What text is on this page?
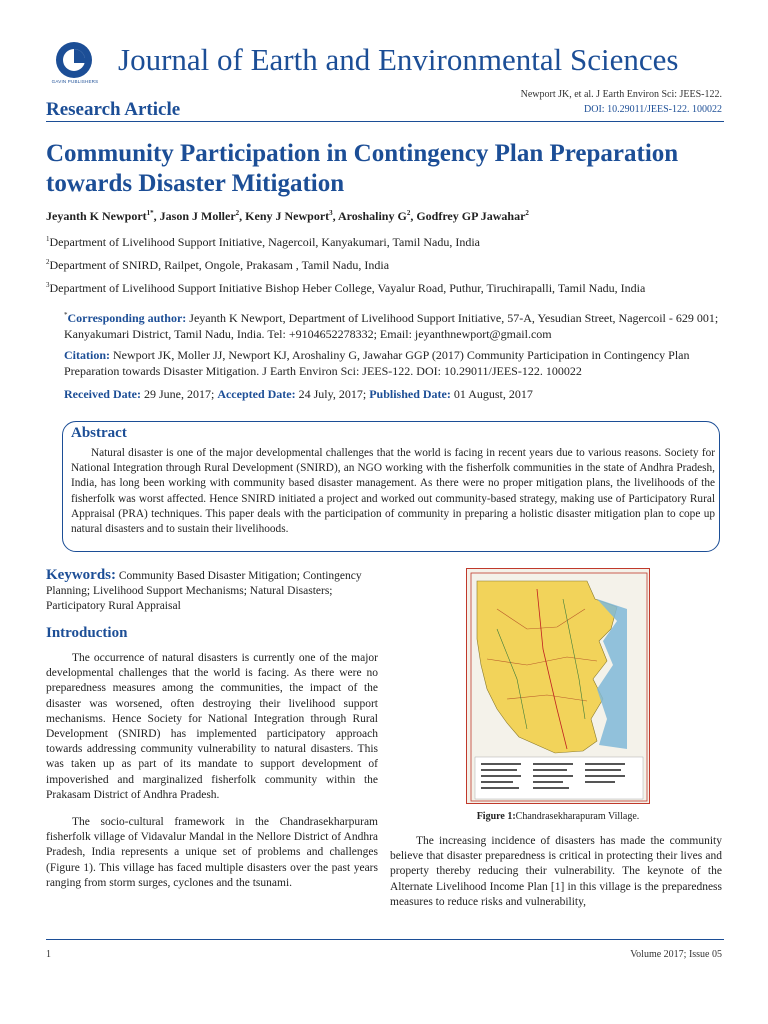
GAVIN PUBLISHERS
Journal of Earth and Environmental Sciences
Research Article
Newport JK, et al. J Earth Environ Sci: JEES-122.
DOI: 10.29011/JEES-122. 100022
Community Participation in Contingency Plan Preparation towards Disaster Mitigation
Jeyanth K Newport$^{1*}$, Jason J Moller$^2$, Keny J Newport$^3$, Aroshaliny $G^2$, Godfrey GP Jawahar$^2$
$^1$Department of Livelihood Support Initiative, Nagercoil, Kanyakumari, Tamil Nadu, India
$^2$Department of SNIRD, Railpet, Ongole, Prakasam , Tamil Nadu, India
$^3$Department of Livelihood Support Initiative Bishop Heber College, Vayalur Road, Puthur, Tiruchirapalli, Tamil Nadu, India
*Corresponding author: Jeyanth K Newport, Department of Livelihood Support Initiative, 57-A, Yesudian Street, Nagercoil - 629 001; Kanyakumari District, Tamil Nadu, India. Tel: +9104652278332; Email: jeyanthnewport@gmail.com
Citation: Newport JK, Moller JJ, Newport KJ, Aroshaliny G, Jawahar GGP (2017) Community Participation in Contingency Plan Preparation towards Disaster Mitigation. J Earth Environ Sci: JEES-122. DOI: 10.29011/JEES-122. 100022
Received Date: 29 June, 2017; Accepted Date: 24 July, 2017; Published Date: 01 August, 2017
Abstract
Natural disaster is one of the major developmental challenges that the world is facing in recent years due to various reasons. Society for National Integration through Rural Development (SNIRD), an NGO working with the fisherfolk communities in the state of Andhra Pradesh, India, has long been working with community based disaster management. As there were no proper mitigation plans, the livelihoods of the fisherfolk was worst affected. Hence SNIRD initiated a project and worked out community-based strategy, making use of Participatory Rural Appraisal (PRA) techniques. This paper deals with the participation of community in preparing a holistic disaster mitigation plan to cope up natural disasters and to sustain their livelihoods.
Keywords: Community Based Disaster Mitigation; Contingency Planning; Livelihood Support Mechanisms; Natural Disasters; Participatory Rural Appraisal
Introduction
The occurrence of natural disasters is currently one of the major developmental challenges that the world is facing. As there were no preparedness measures among the communities, the impact of the disaster was worsened, often destroying their livelihood support mechanisms. Hence Society for National Integration through Rural Development (SNIRD) has implemented participatory approach towards addressing community vulnerability to natural disasters. This was taken up as part of its mandate to support development of impoverished and marginalized fisherfolk community within the Prakasam District of Andhra Pradesh.
The socio-cultural framework in the Chandrasekharpuram fisherfolk village of Vidavalur Mandal in the Nellore District of Andhra Pradesh, India represents a unique set of problems and challenges (Figure 1). This village has faced multiple disasters over the past years ranging from storm surges, cyclones and the tsunami.
Figure 1:Chandrasekharapuram Village.
The increasing incidence of disasters has made the community believe that disaster preparedness is critical in protecting their lives and property thereby reducing their vulnerability. The keynote of the Alternate Livelihood Income Plan [1] in this village is the preparedness measures to reduce risks and vulnerability,
1	Volume 2017; Issue 05
